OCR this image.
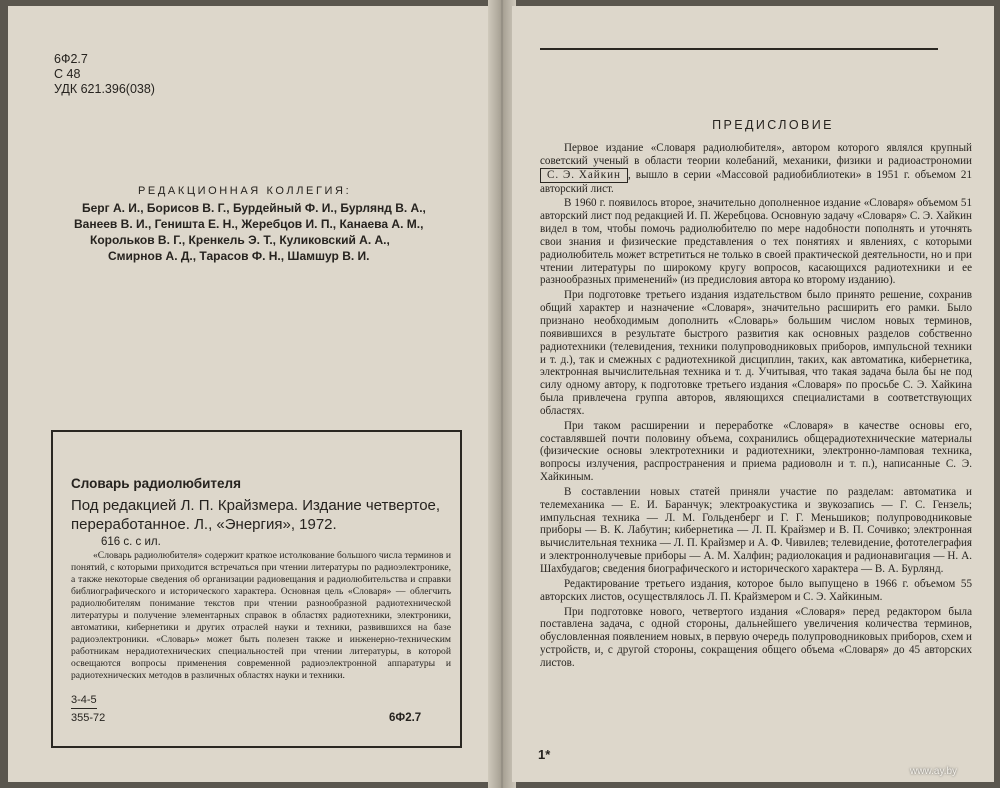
6Ф2.7
С 48
УДК 621.396(038)
РЕДАКЦИОННАЯ КОЛЛЕГИЯ:
Берг А. И., Борисов В. Г., Бурдейный Ф. И., Бурлянд В. А.,
Ванеев В. И., Геништа Е. Н., Жеребцов И. П., Канаева А. М.,
Корольков В. Г., Кренкель Э. Т., Куликовский А. А.,
Смирнов А. Д., Тарасов Ф. Н., Шамшур В. И.
Словарь радиолюбителя
Под редакцией Л. П. Крайзмера. Издание четвертое, переработанное. Л., «Энергия», 1972.
616 с. с ил.
«Словарь радиолюбителя» содержит краткое истолкование большого числа терминов и понятий, с которыми приходится встречаться при чтении литературы по радиоэлектронике, а также некоторые сведения об организации радиовещания и радиолюбительства и справки библиографического и исторического характера. Основная цель «Словаря» — облегчить радиолюбителям понимание текстов при чтении разнообразной радиотехнической литературы и получение элементарных справок в областях радиотехники, электроники, автоматики, кибернетики и других отраслей науки и техники, развившихся на базе радиоэлектроники. «Словарь» может быть полезен также и инженерно-техническим работникам нерадиотехнических специальностей при чтении литературы, в которой освещаются вопросы применения современной радиоэлектронной аппаратуры и радиотехнических методов в различных областях науки и техники.
3-4-5
355-72	6Ф2.7
ПРЕДИСЛОВИЕ

Первое издание «Словаря радиолюбителя», автором которого являлся крупный советский ученый в области теории колебаний, механики, физики и радиоастрономии С. Э. Хайкин , вышло в серии «Массовой радиобиблиотеки» в 1951 г. объемом 21 авторский лист.

В 1960 г. появилось второе, значительно дополненное издание «Словаря» объемом 51 авторский лист под редакцией И. П. Жеребцова. Основную задачу «Словаря» С. Э. Хайкин видел в том, чтобы помочь радиолюбителю по мере надобности пополнять и уточнять свои знания и физические представления о тех понятиях и явлениях, с которыми радиолюбитель может встретиться не только в своей практической деятельности, но и при чтении литературы по широкому кругу вопросов, касающихся радиотехники и ее разнообразных применений» (из предисловия автора ко второму изданию).

При подготовке третьего издания издательством было принято решение, сохранив общий характер и назначение «Словаря», значительно расширить его рамки. Было признано необходимым дополнить «Словарь» большим числом новых терминов, появившихся в результате быстрого развития как основных разделов собственно радиотехники (телевидения, техники полупроводниковых приборов, импульсной техники и т. д.), так и смежных с радиотехникой дисциплин, таких, как автоматика, кибернетика, электронная вычислительная техника и т. д. Учитывая, что такая задача была бы не под силу одному автору, к подготовке третьего издания «Словаря» по просьбе С. Э. Хайкина была привлечена группа авторов, являющихся специалистами в соответствующих областях.

При таком расширении и переработке «Словаря» в качестве основы его, составлявшей почти половину объема, сохранились общерадиотехнические материалы (физические основы электротехники и радиотехники, электронно-ламповая техника, вопросы излучения, распространения и приема радиоволн и т. п.), написанные С. Э. Хайкиным.

В составлении новых статей приняли участие по разделам: автоматика и телемеханика — Е. И. Баранчук; электроакустика и звукозапись — Г. С. Гензель; импульсная техника — Л. М. Гольденберг и Г. Г. Меньшиков; полупроводниковые приборы — В. К. Лабутин; кибернетика — Л. П. Крайзмер и В. П. Сочивко; электронная вычислительная техника — Л. П. Крайзмер и А. Ф. Чивилев; телевидение, фототелеграфия и электроннолучевые приборы — А. М. Халфин; радиолокация и радионавигация — Н. А. Шахбудагов; сведения биографического и исторического характера — В. А. Бурлянд.

Редактирование третьего издания, которое было выпущено в 1966 г. объемом 55 авторских листов, осуществлялось Л. П. Крайзмером и С. Э. Хайкиным.

При подготовке нового, четвертого издания «Словаря» перед редактором была поставлена задача, с одной стороны, дальнейшего увеличения количества терминов, обусловленная появлением новых, в первую очередь полупроводниковых приборов, схем и устройств, и, с другой стороны, сокращения общего объема «Словаря» до 45 авторских листов.

1*
www.ay.by
